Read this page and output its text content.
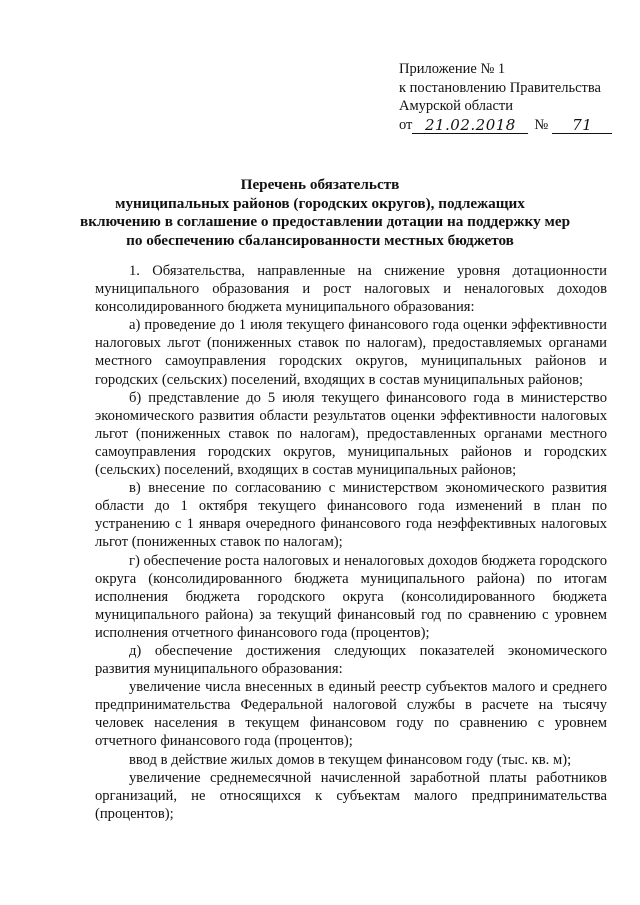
Приложение № 1
к постановлению Правительства
Амурской области
от 21.02.2018	№	71
Перечень обязательств
муниципальных районов (городских округов), подлежащих
включению в соглашение о предоставлении дотации на поддержку мер
по обеспечению сбалансированности местных бюджетов

1. Обязательства, направленные на снижение уровня дотационности муниципального образования и рост налоговых и неналоговых доходов консолидированного бюджета муниципального образования:

а) проведение до 1 июля текущего финансового года оценки эффективности налоговых льгот (пониженных ставок по налогам), предоставляемых органами местного самоуправления городских округов, муниципальных районов и городских (сельских) поселений, входящих в состав муниципальных районов;

б) представление до 5 июля текущего финансового года в министерство экономического развития области результатов оценки эффективности налоговых льгот (пониженных ставок по налогам), предоставленных органами местного самоуправления городских округов, муниципальных районов и городских (сельских) поселений, входящих в состав муниципальных районов;

в) внесение по согласованию с министерством экономического развития области до 1 октября текущего финансового года изменений в план по устранению с 1 января очередного финансового года неэффективных налоговых льгот (пониженных ставок по налогам);

г) обеспечение роста налоговых и неналоговых доходов бюджета городского округа (консолидированного бюджета муниципального района) по итогам исполнения бюджета городского округа (консолидированного бюджета муниципального района) за текущий финансовый год по сравнению с уровнем исполнения отчетного финансового года (процентов);

д) обеспечение достижения следующих показателей экономического развития муниципального образования:

увеличение числа внесенных в единый реестр субъектов малого и среднего предпринимательства Федеральной налоговой службы в расчете на тысячу человек населения в текущем финансовом году по сравнению с уровнем отчетного финансового года (процентов);

ввод в действие жилых домов в текущем финансовом году (тыс. кв. м);

увеличение среднемесячной начисленной заработной платы работников организаций, не относящихся к субъектам малого предпринимательства (процентов);
